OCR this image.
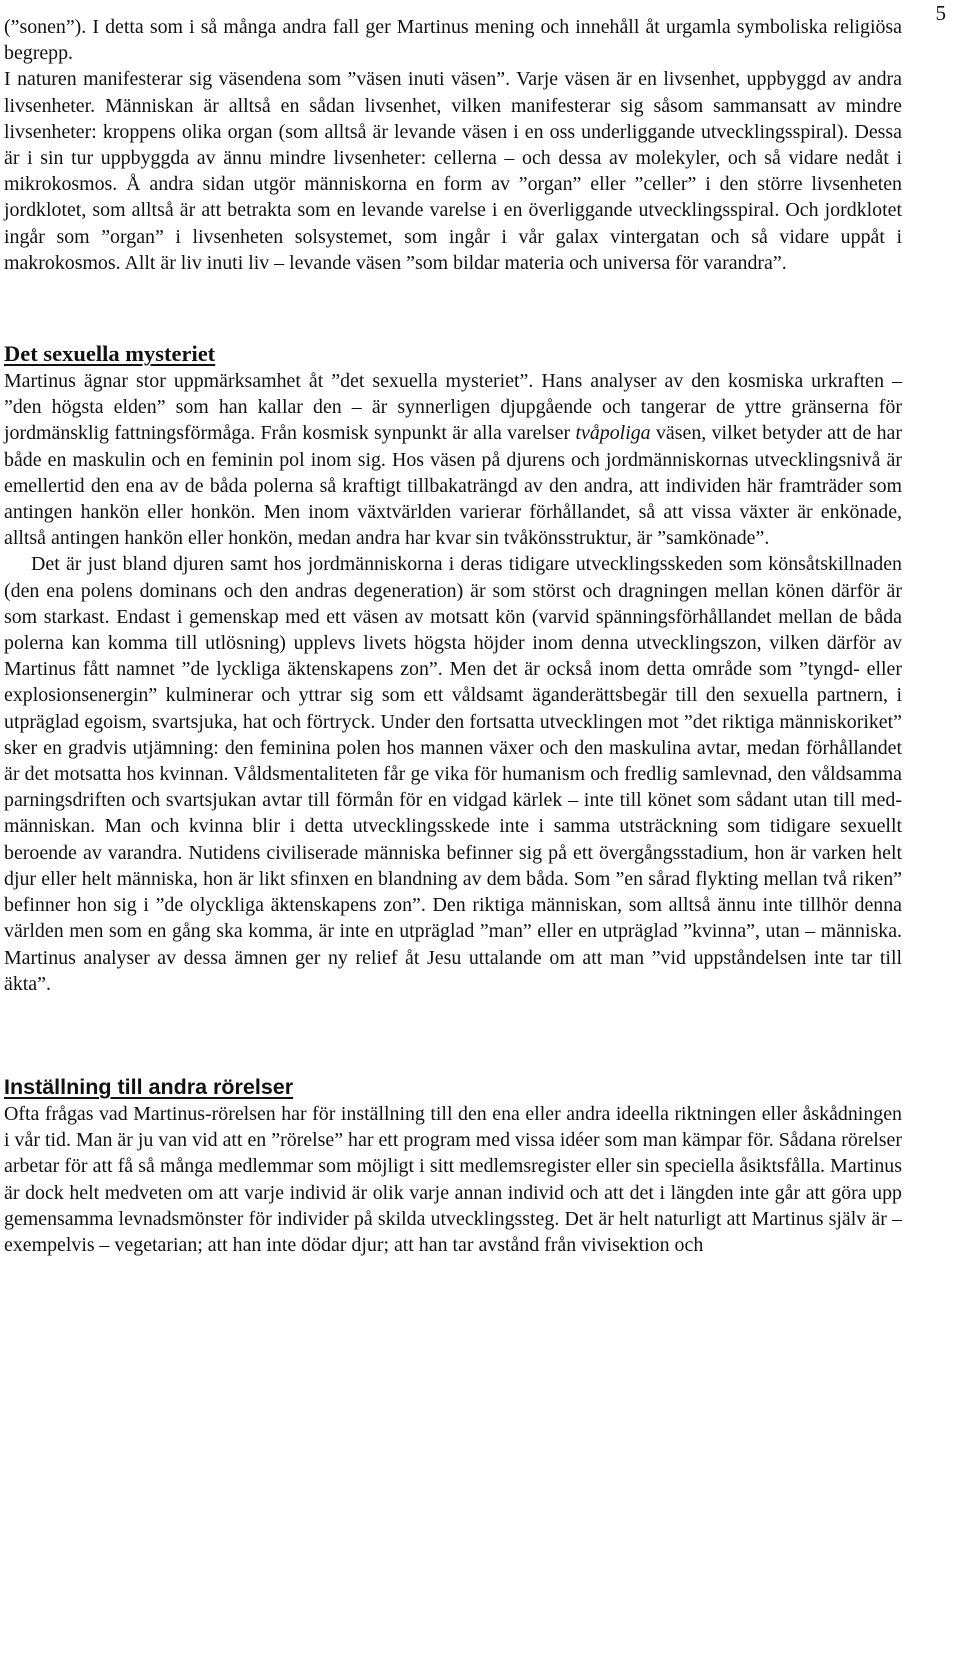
5

(”sonen”). I detta som i så många andra fall ger Martinus mening och innehåll åt urgamla symboliska religiösa begrepp.

I naturen manifesterar sig väsendena som ”väsen inuti väsen”. Varje väsen är en livsenhet, uppbyggd av andra livsenheter. Människan är alltså en sådan livsenhet, vilken manifesterar sig såsom sammansatt av mindre livsenheter: kroppens olika organ (som alltså är levande väsen i en oss underliggande utvecklingsspiral). Dessa är i sin tur uppbyggda av ännu mindre livsenheter: cellerna – och dessa av molekyler, och så vidare nedåt i mikrokosmos. Å andra sidan utgör människorna en form av ”organ” eller ”celler” i den större livsenheten jordklotet, som alltså är att betrakta som en levande varelse i en överliggande utvecklingsspiral. Och jordklotet ingår som ”organ” i livsenheten solsystemet, som ingår i vår galax vintergatan och så vidare uppåt i makrokosmos. Allt är liv inuti liv – levande väsen ”som bildar materia och universa för varandra”.

Det sexuella mysteriet

Martinus ägnar stor uppmärksamhet åt ”det sexuella mysteriet”. Hans analyser av den kosmiska urkraften – ”den högsta elden” som han kallar den – är synnerligen djupgående och tangerar de yttre gränserna för jordmänsklig fattningsförmåga. Från kosmisk synpunkt är alla varelser tvåpoliga väsen, vilket betyder att de har både en maskulin och en feminin pol inom sig. Hos väsen på djurens och jordmänniskornas utvecklingsnivå är emellertid den ena av de båda polerna så kraftigt tillbakaträngd av den andra, att individen här framträder som antingen hankön eller honkön. Men inom växtvärlden varierar förhållandet, så att vissa växter är enkönade, alltså antingen hankön eller honkön, medan andra har kvar sin tvåkönsstruktur, är ”samkönade”.

Det är just bland djuren samt hos jordmänniskorna i deras tidigare utvecklingsskeden som könsåtskillnaden (den ena polens dominans och den andras degeneration) är som störst och dragningen mellan könen därför är som starkast. Endast i gemenskap med ett väsen av motsatt kön (varvid spänningsförhållandet mellan de båda polerna kan komma till utlösning) upplevs livets högsta höjder inom denna utvecklingszon, vilken därför av Martinus fått namnet ”de lyckliga äktenskapens zon”. Men det är också inom detta område som ”tyngd- eller explosionsenergin” kulminerar och yttrar sig som ett våldsamt äganderättsbegär till den sexuella partnern, i utpräglad egoism, svartsjuka, hat och förtryck. Under den fortsatta utvecklingen mot ”det riktiga människoriket” sker en gradvis utjämning: den feminina polen hos mannen växer och den maskulina avtar, medan förhållandet är det motsatta hos kvinnan. Våldsmentaliteten får ge vika för humanism och fredlig samlevnad, den våldsamma parningsdriften och svartsjukan avtar till förmån för en vidgad kärlek – inte till könet som sådant utan till medmänniskan. Man och kvinna blir i detta utvecklingsskede inte i samma utsträckning som tidigare sexuellt beroende av varandra. Nutidens civiliserade människa befinner sig på ett övergångsstadium, hon är varken helt djur eller helt människa, hon är likt sfinxen en blandning av dem båda. Som ”en sårad flykting mellan två riken” befinner hon sig i ”de olyckliga äktenskapens zon”. Den riktiga människan, som alltså ännu inte tillhör denna världen men som en gång ska komma, är inte en utpräglad ”man” eller en utpräglad ”kvinna”, utan – människa. Martinus analyser av dessa ämnen ger ny relief åt Jesu uttalande om att man ”vid uppståndelsen inte tar till äkta”.

Inställning till andra rörelser

Ofta frågas vad Martinus-rörelsen har för inställning till den ena eller andra ideella riktningen eller åskådningen i vår tid. Man är ju van vid att en ”rörelse” har ett program med vissa idéer som man kämpar för. Sådana rörelser arbetar för att få så många medlemmar som möjligt i sitt medlemsregister eller sin speciella åsiktsfålla. Martinus är dock helt medveten om att varje individ är olik varje annan individ och att det i längden inte går att göra upp gemensamma levnadsmönster för individer på skilda utvecklingssteg. Det är helt naturligt att Martinus själv är – exempelvis – vegetarian; att han inte dödar djur; att han tar avstånd från vivisektion och
